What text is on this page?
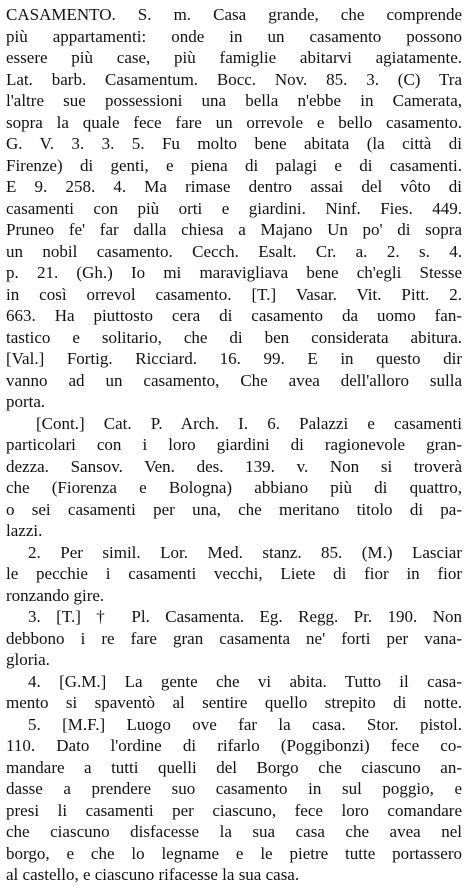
CASAMENTO. S. m. Casa grande, che comprende
più appartamenti: onde in un casamento possono
essere più case, più famiglie abitarvi agiatamente.
Lat. barb. Casamentum. Bocc. Nov. 85. 3. (C) Tra
l'altre sue possessioni una bella n'ebbe in Camerata,
sopra la quale fece fare un orrevole e bello casamento.
G. V. 3. 3. 5. Fu molto bene abitata (la città di
Firenze) di genti, e piena di palagi e di casamenti.
E 9. 258. 4. Ma rimase dentro assai del vôto di
casamenti con più orti e giardini. Ninf. Fies. 449.
Pruneo fe' far dalla chiesa a Majano Un po' di sopra
un nobil casamento. Cecch. Esalt. Cr. a. 2. s. 4.
p. 21. (Gh.) Io mi maravigliava bene ch'egli Stesse
in così orrevol casamento. [T.] Vasar. Vit. Pitt. 2.
663. Ha piuttosto cera di casamento da uomo fan-
tastico e solitario, che di ben considerata abitura.
[Val.] Fortig. Ricciard. 16. 99. E in questo dir
vanno ad un casamento, Che avea dell'alloro sulla
porta.
[Cont.] Cat. P. Arch. I. 6. Palazzi e casamenti
particolari con i loro giardini di ragionevole gran-
dezza. Sansov. Ven. des. 139. v. Non si troverà
che (Fiorenza e Bologna) abbiano più di quattro,
o sei casamenti per una, che meritano titolo di pa-
lazzi.
2. Per simil. Lor. Med. stanz. 85. (M.) Lasciar
le pecchie i casamenti vecchi, Liete di fior in fior
ronzando gire.
3. [T.] † Pl. Casamenta. Eg. Regg. Pr. 190. Non
debbono i re fare gran casamenta ne' forti per vana-
gloria.
4. [G.M.] La gente che vi abita. Tutto il casa-
mento si spaventò al sentire quello strepito di notte.
5. [M.F.] Luogo ove far la casa. Stor. pistol.
110. Dato l'ordine di rifarlo (Poggibonzi) fece co-
mandare a tutti quelli del Borgo che ciascuno an-
dasse a prendere suo casamento in sul poggio, e
presi li casamenti per ciascuno, fece loro comandare
che ciascuno disfacesse la sua casa che avea nel
borgo, e che lo legname e le pietre tutte portassero
al castello, e ciascuno rifacesse la sua casa.
